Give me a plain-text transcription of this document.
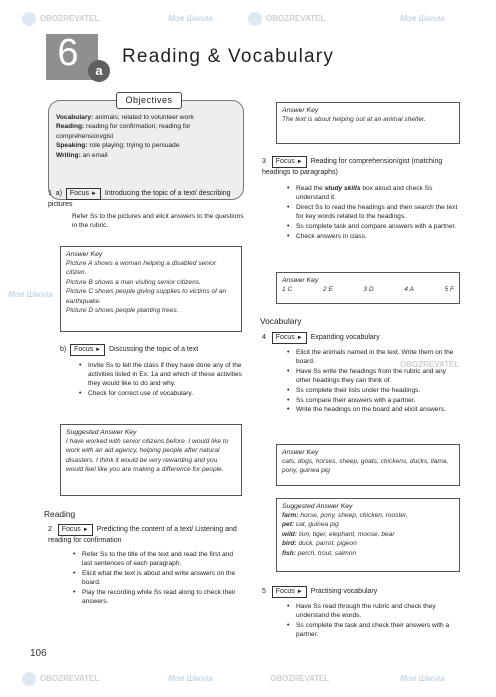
OBOZREVATEL	Моя Школа	OBOZREVATEL	Моя Школа
Моя Школа
OBOZREVATEL
OBOZREVATEL	Моя Школа	OBOZREVATEL	Моя Школа
6	a
Reading & Vocabulary
Objectives
Vocabulary: animals; related to volunteer work
Reading: reading for confirmation; reading for comprehension/gist
Speaking: role playing; trying to persuade
Writing: an email
1 a) Focus ► Introducing the topic of a text/ describing pictures
Refer Ss to the pictures and elicit answers to the questions in the rubric.
Answer Key
Picture A shows a woman helping a disabled senior citizen.
Picture B shows a man visiting senior citizens.
Picture C shows people giving supplies to victims of an earthquake.
Picture D shows people planting trees.
b) Focus ► Discussing the topic of a text
• Invite Ss to tell the class if they have done any of the activities listed in Ex. 1a and which of these activities they would like to do and why.
• Check for correct use of vocabulary.
Suggested Answer Key
I have worked with senior citizens before. I would like to work with an aid agency, helping people after natural disasters. I think it would be very rewarding and you would feel like you are making a difference for people.
Reading
2 Focus ► Predicting the content of a text/ Listening and reading for confirmation
• Refer Ss to the title of the text and read the first and last sentences of each paragraph.
• Elicit what the text is about and write answers on the board.
• Play the recording while Ss read along to check their answers.
Answer Key
The text is about helping out at an animal shelter.
3 Focus ► Reading for comprehension/gist (matching headings to paragraphs)
• Read the study skills box aloud and check Ss understand it.
• Direct Ss to read the headings and then search the text for key words related to the headings.
• Ss complete task and compare answers with a partner.
• Check answers in class.
Answer Key
1 C	2 E	3 D	4 A	5 F
Vocabulary
4 Focus ► Expanding vocabulary
• Elicit the animals named in the text. Write them on the board.
• Have Ss write the headings from the rubric and any other headings they can think of.
• Ss complete their lists under the headings.
• Ss compare their answers with a partner.
• Write the headings on the board and elicit answers.
Answer Key
cats, dogs, horses, sheep, goats, chickens, ducks, llama, pony, guinea pig
Suggested Answer Key
farm: horse, pony, sheep, chicken, rooster,
pet: cat, guinea pig
wild: lion, tiger, elephant, moose, bear
bird: duck, parrot, pigeon
fish: perch, trout, salmon
5 Focus ► Practising vocabulary
• Have Ss read through the rubric and check they understand the words.
• Ss complete the task and check their answers with a partner.
106
